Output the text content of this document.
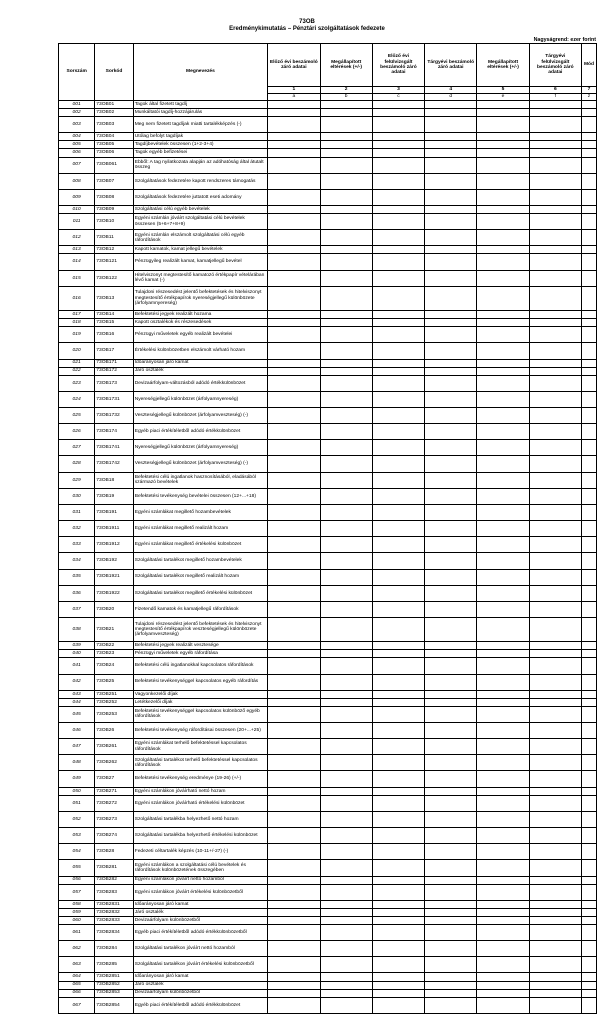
73OB
Eredménykimutatás – Pénztári szolgáltatások fedezete
Nagyságrend: ezer forint
Sorszám	Sorkód	Megnevezés	Előző évi beszámoló záró adatai	Megállapított eltérések (+/-)	Előző évi felülvizsgált beszámoló záró adatai	Tárgyévi beszámoló záró adatai	Megállapított eltérések (+/-)	Tárgyévi felülvizsgált beszámoló záró adatai	Mód
			1	2	3	4	5	6	7
			a	b	c	d	e	f	z
001	73OB01	Tagok által fizetett tagdíj							
002	73OB02	Munkáltatói tagdíj-hozzájárulás							
003	73OB03	Meg nem fizetett tagdíjak miatti tartalékképzés (-)							
004	73OB04	Utólag befolyt tagdíjak							
005	73OB05	Tagdíjbevételek összesen (1+2-3+4)							
006	73OB06	Tagok egyéb befizetései							
007	73OB061	Ebből: A tag nyilatkozata alapján az adóhatóság által átutalt összeg							
008	73OB07	Szolgáltatások fedezetére kapott rendszeres támogatás							
009	73OB08	Szolgáltatások fedezetére juttatott eseti adomány							
010	73OB09	Szolgáltatási célú egyéb bevételek							
011	73OB10	Egyéni számlán jóváírt szolgáltatási célú bevételek összesen (5+6+7+8+9)							
012	73OB11	Egyéni számlán elszámolt szolgáltatási célú egyéb ráfordítások							
013	73OB12	Kapott kamatok, kamat jellegű bevételek							
014	73OB121	Pénzügyileg realizált kamat, kamatjellegű bevétel							
015	73OB122	Hitelviszonyt megtestesítő kamatozó értékpapír vételárában lévő kamat (-)							
016	73OB13	Tulajdoni részesedést jelentő befektetések és hitelviszonyt megtestesítő értékpapírok nyereségjellegű különbözete (árfolyamnyereség)							
017	73OB14	Befektetési jegyek realizált hozama							
018	73OB15	Kapott osztalékok és részesedések							
019	73OB16	Pénzügyi műveletek egyéb realizált bevételei							
020	73OB17	Értékelési különbözetben elszámolt várható hozam							
021	73OB171	Időarányosan járó kamat							
022	73OB172	Járó osztalék							
023	73OB173	Devizaárfolyam-változásból adódó értékkülönbözet							
024	73OB1731	Nyereségjellegű különbözet (árfolyamnyereség)							
025	73OB1732	Veszteségjellegű különbözet (árfolyamveszteség) (-)							
026	73OB174	Egyéb piaci értékítéletből adódó értékkülönbözet							
027	73OB1741	Nyereségjellegű különbözet (árfolyamnyereség)							
028	73OB1742	Veszteségjellegű különbözet (árfolyamveszteség) (-)							
029	73OB18	Befektetési célú ingatlanok hasznosításából, eladásából származó bevételek							
030	73OB19	Befektetési tevékenység bevételei összesen (12+...+18)							
031	73OB191	Egyéni számlákat megillető hozambevételek							
032	73OB1911	Egyéni számlákat megillető realizált hozam							
033	73OB1912	Egyéni számlákat megillető értékelési különbözet							
034	73OB192	Szolgáltatási tartalékot megillető hozambevételek							
035	73OB1921	Szolgáltatási tartalékot megillető realizált hozam							
036	73OB1922	Szolgáltatási tartalékot megillető értékelési különbözet							
037	73OB20	Fizetendő kamatok és kamatjellegű ráfordítások							
038	73OB21	Tulajdoni részesedést jelentő befektetések és hitelviszonyt megtestesítő értékpapírok veszteségjellegű különbözete (árfolyamveszteség)							
039	73OB22	Befektetési jegyek realizált vesztesége							
040	73OB23	Pénzügyi műveletek egyéb ráfordítása							
041	73OB24	Befektetési célú ingatlanokkal kapcsolatos ráfordítások							
042	73OB25	Befektetési tevékenységgel kapcsolatos egyéb ráfordítás							
043	73OB251	Vagyonkezelői díjak							
044	73OB252	Letétkezelői díjak							
045	73OB253	Befektetési tevékenységgel kapcsolatos különböző egyéb ráfordítások							
046	73OB26	Befektetési tevékenység ráfordításai összesen (20+...+25)							
047	73OB261	Egyéni számlákat terhelő befektetéssel kapcsolatos ráfordítások							
048	73OB262	Szolgáltatási tartalékot terhelő befektetéssel kapcsolatos ráfordítások							
049	73OB27	Befektetési tevékenység eredménye (19-26) (+/-)							
050	73OB271	Egyéni számlákon jóváírható nettó hozam							
051	73OB272	Egyéni számlákon jóváírható értékelési különbözet							
052	73OB273	Szolgáltatási tartalékba helyezhető nettó hozam							
053	73OB274	Szolgáltatási tartalékba helyezhető értékelési különbözet							
054	73OB28	Fedezeti céltartalék képzés (10-11+/-27) (-)							
055	73OB281	Egyéni számlákon a szolgáltatási célú bevételek és ráfordítások különbözetének összegében							
056	73OB282	Egyéni számlákon jóváírt nettó hozamból							
057	73OB283	Egyéni számlákon jóváírt értékelési különbözetből							
058	73OB2831	Időarányosan járó kamat							
059	73OB2832	Járó osztalék							
060	73OB2833	Devizaárfolyam különbözetből							
061	73OB2834	Egyéb piaci értékítéletből adódó értékkülönbözetből							
062	73OB284	Szolgáltatási tartalékon jóváírt nettó hozamból							
063	73OB285	Szolgáltatási tartalékon jóváírt értékelési különbözetből							
064	73OB2851	Időarányosan járó kamat							
065	73OB2852	Járó osztalék							
066	73OB2853	Devizaárfolyam különbözetből							
067	73OB2854	Egyéb piaci értékítéletből adódó értékkülönbözet							
